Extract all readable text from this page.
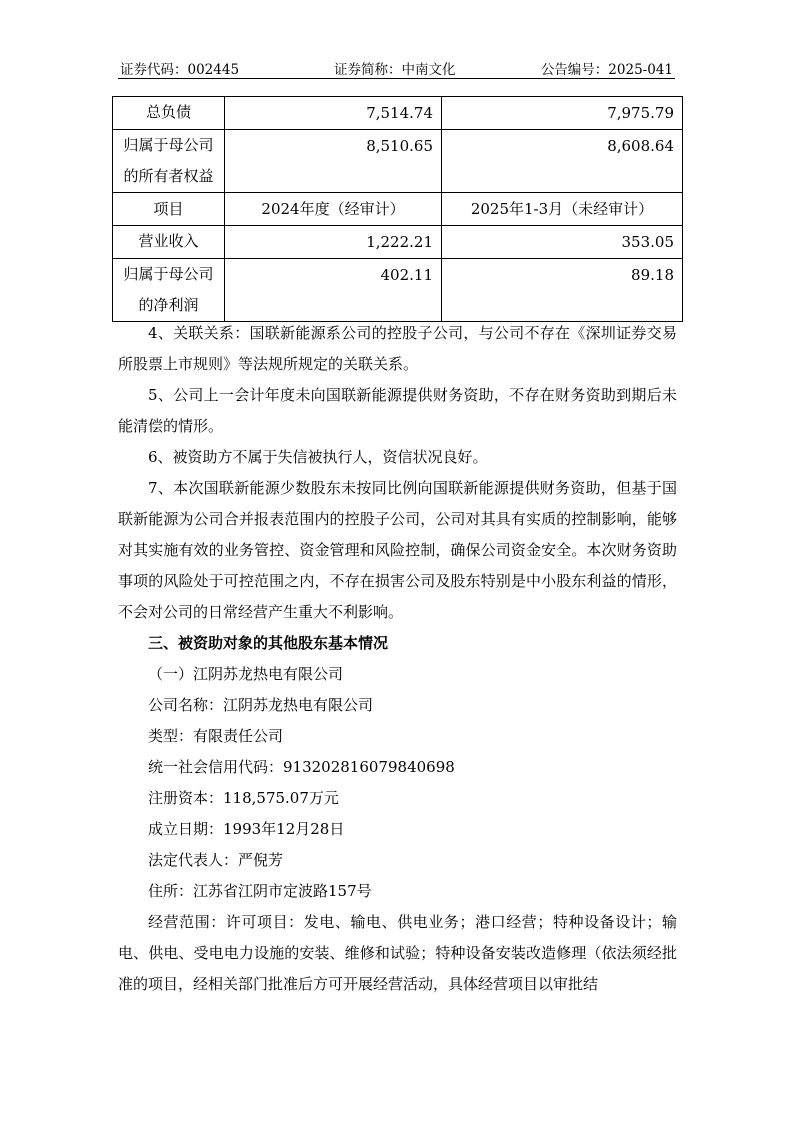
证券代码：002445	证券简称：中南文化	公告编号：2025-041
总负债	7,514.74	7,975.79

归属于母公司
的所有者权益	8,510.65	8,608.64
项目	2024年度（经审计）	2025年1-3月（未经审计）

营业收入	1,222.21	353.05

归属于母公司
的净利润	402.11	89.18

4、关联关系：国联新能源系公司的控股子公司，与公司不存在《深圳证券交易所股票上市规则》等法规所规定的关联关系。

5、公司上一会计年度未向国联新能源提供财务资助，不存在财务资助到期后未能清偿的情形。

6、被资助方不属于失信被执行人，资信状况良好。

7、本次国联新能源少数股东未按同比例向国联新能源提供财务资助，但基于国联新能源为公司合并报表范围内的控股子公司，公司对其具有实质的控制影响，能够对其实施有效的业务管控、资金管理和风险控制，确保公司资金安全。本次财务资助事项的风险处于可控范围之内，不存在损害公司及股东特别是中小股东利益的情形，不会对公司的日常经营产生重大不利影响。

三、被资助对象的其他股东基本情况

（一）江阴苏龙热电有限公司

公司名称：江阴苏龙热电有限公司

类型：有限责任公司

统一社会信用代码：913202816079840698

注册资本：118,575.07万元

成立日期：1993年12月28日

法定代表人：严倪芳

住所：江苏省江阴市定波路157号

经营范围：许可项目：发电、输电、供电业务；港口经营；特种设备设计；输电、供电、受电电力设施的安装、维修和试验；特种设备安装改造修理（依法须经批准的项目，经相关部门批准后方可开展经营活动，具体经营项目以审批结
